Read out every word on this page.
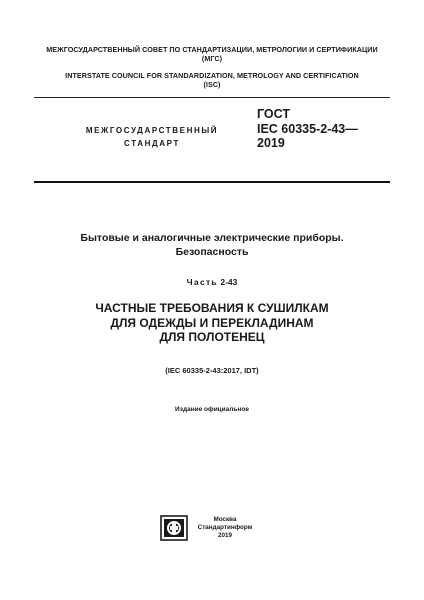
МЕЖГОСУДАРСТВЕННЫЙ СОВЕТ ПО СТАНДАРТИЗАЦИИ, МЕТРОЛОГИИ И СЕРТИФИКАЦИИ
(МГС)
INTERSTATE COUNCIL FOR STANDARDIZATION, METROLOGY AND CERTIFICATION
(ISC)
МЕЖГОСУДАРСТВЕННЫЙ
СТАНДАРТ
ГОСТ
IEC 60335-2-43—
2019
Бытовые и аналогичные электрические приборы.
Безопасность
Часть 2-43
ЧАСТНЫЕ ТРЕБОВАНИЯ К СУШИЛКАМ
ДЛЯ ОДЕЖДЫ И ПЕРЕКЛАДИНАМ
ДЛЯ ПОЛОТЕНЕЦ
(IEC 60335-2-43:2017, IDT)
Издание официальное
Москва
Стандартинформ
2019
